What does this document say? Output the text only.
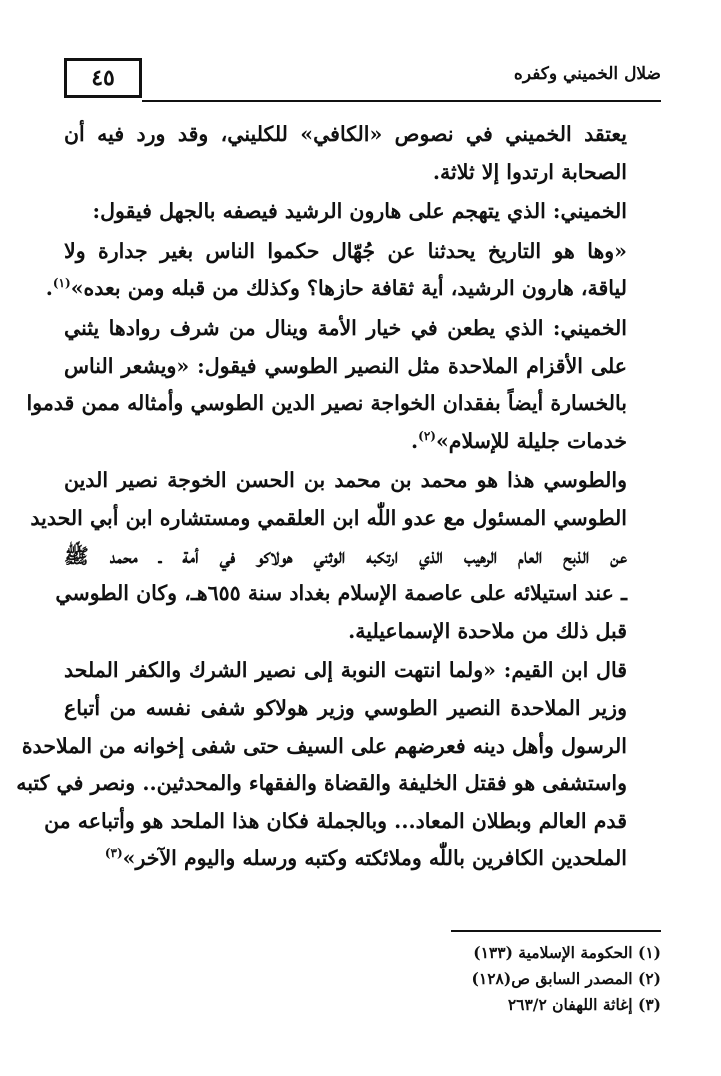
٤٥	ضلال الخميني وكفره

يعتقد الخميني في نصوص «الكافي» للكليني، وقد ورد فيه أن
الصحابة ارتدوا إلا ثلاثة.

الخميني: الذي يتهجم على هارون الرشيد فيصفه بالجهل فيقول:

«وها هو التاريخ يحدثنا عن جُهّال حكموا الناس بغير جدارة ولا
لياقة، هارون الرشيد، أية ثقافة حازها؟ وكذلك من قبله ومن بعده»$^{(١)}$.

الخميني: الذي يطعن في خيار الأمة وينال من شرف روادها يثني
على الأقزام الملاحدة مثل النصير الطوسي فيقول: «ويشعر الناس
بالخسارة أيضاً بفقدان الخواجة نصير الدين الطوسي وأمثاله ممن قدموا
خدمات جليلة للإسلام»$^{(٢)}$.

والطوسي هذا هو محمد بن محمد بن الحسن الخوجة نصير الدين
الطوسي المسئول مع عدو اللّٰه ابن العلقمي ومستشاره ابن أبي الحديد
عن الذبح العام الرهيب الذي ارتكبه الوثني هولاكو في أمة ـ محمد ﷺ
ـ عند استيلائه على عاصمة الإسلام بغداد سنة ٦٥٥هـ، وكان الطوسي
قبل ذلك من ملاحدة الإسماعيلية.

قال ابن القيم: «ولما انتهت النوبة إلى نصير الشرك والكفر الملحد
وزير الملاحدة النصير الطوسي وزير هولاكو شفى نفسه من أتباع
الرسول وأهل دينه فعرضهم على السيف حتى شفى إخوانه من الملاحدة
واستشفى هو فقتل الخليفة والقضاة والفقهاء والمحدثين.. ونصر في كتبه
قدم العالم وبطلان المعاد... وبالجملة فكان هذا الملحد هو وأتباعه من
الملحدين الكافرين باللّٰه وملائكته وكتبه ورسله واليوم الآخر»$^{(٣)}$

(١) الحكومة الإسلامية (١٣٣)
(٢) المصدر السابق ص(١٢٨)
(٣) إغاثة اللهفان ٢٦٣/٢
